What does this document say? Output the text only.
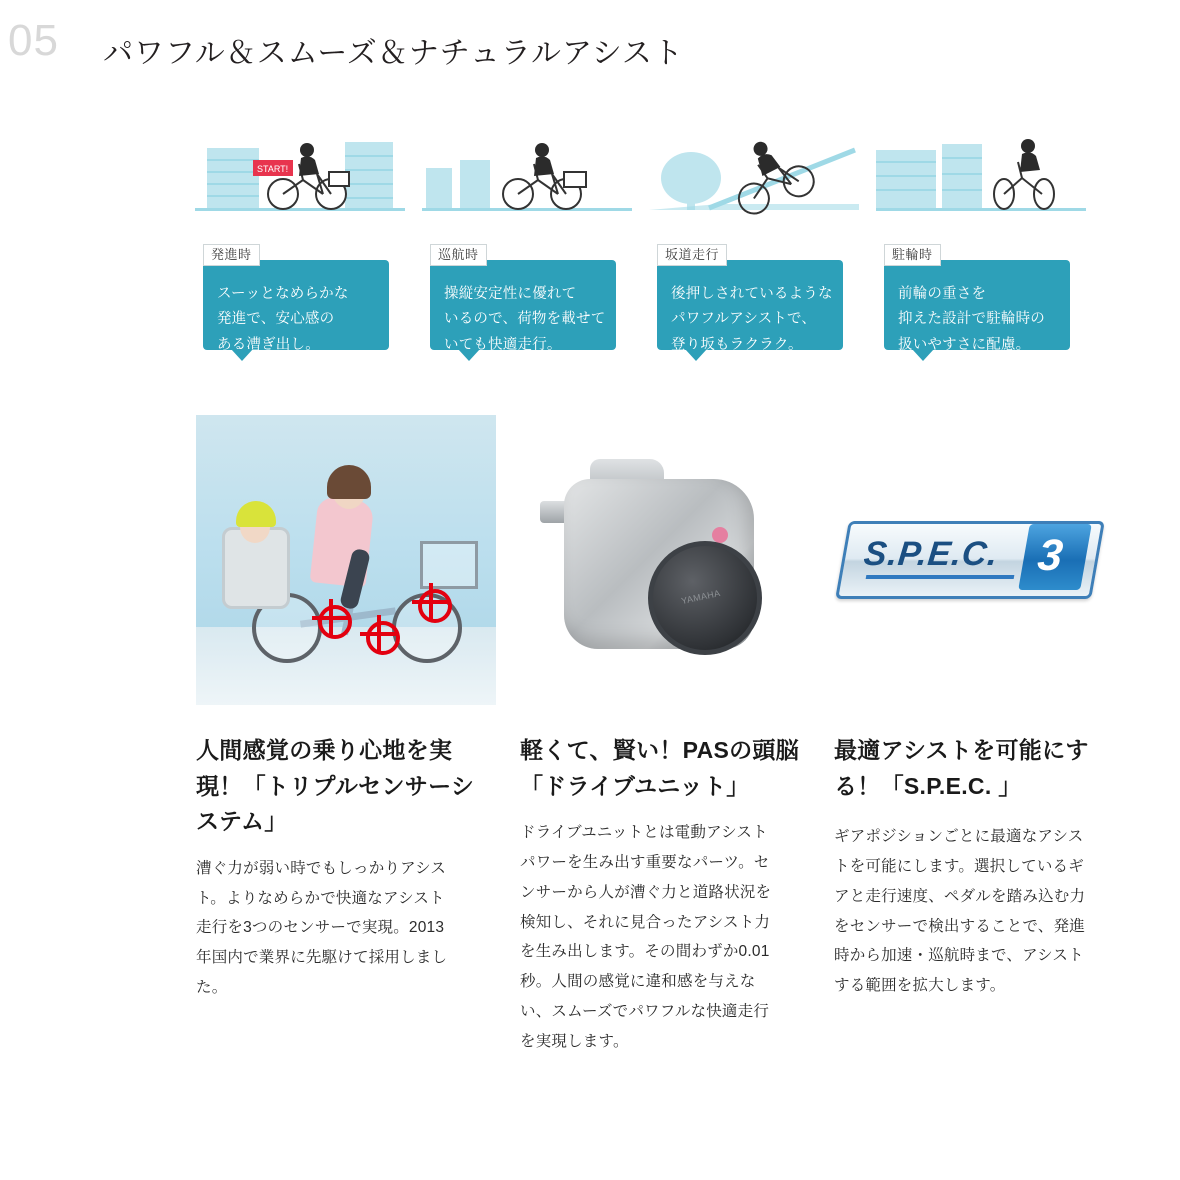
05 パワフル＆スムーズ＆ナチュラルアシスト
START!
発進時
スーッとなめらかな
発進で、安心感の
ある漕ぎ出し。
巡航時
操縦安定性に優れて
いるので、荷物を載せて
いても快適走行。
坂道走行
後押しされているような
パワフルアシストで、
登り坂もラクラク。
駐輪時
前輪の重さを
抑えた設計で駐輪時の
扱いやすさに配慮。
人間感覚の乗り心地を実現！「トリプルセンサーシステム」
漕ぐ力が弱い時でもしっかりアシスト。よりなめらかで快適なアシスト走行を3つのセンサーで実現。2013年国内で業界に先駆けて採用しました。
YAMAHA
軽くて、賢い！PASの頭脳「ドライブユニット」
ドライブユニットとは電動アシストパワーを生み出す重要なパーツ。センサーから人が漕ぐ力と道路状況を検知し、それに見合ったアシスト力を生み出します。その間わずか0.01秒。人間の感覚に違和感を与えない、スムーズでパワフルな快適走行を実現します。
S.P.E.C. 3
最適アシストを可能にする！「S.P.E.C. 」
ギアポジションごとに最適なアシストを可能にします。選択しているギアと走行速度、ペダルを踏み込む力をセンサーで検出することで、発進時から加速・巡航時まで、アシストする範囲を拡大します。
